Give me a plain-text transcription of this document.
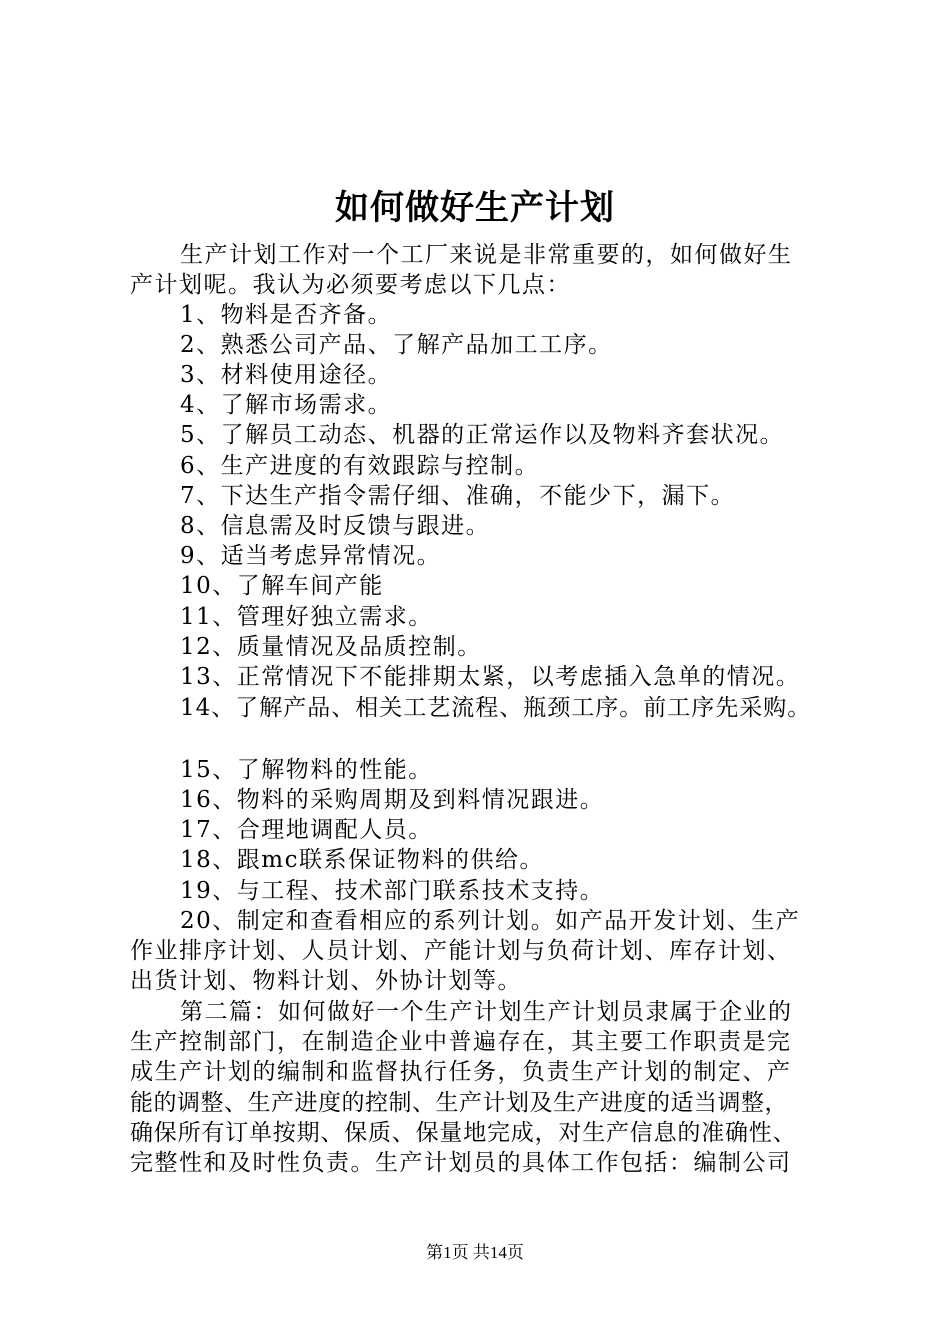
如何做好生产计划
生产计划工作对一个工厂来说是非常重要的，如何做好生
产计划呢。我认为必须要考虑以下几点：
1、物料是否齐备。
2、熟悉公司产品、了解产品加工工序。
3、材料使用途径。
4、了解市场需求。
5、了解员工动态、机器的正常运作以及物料齐套状况。
6、生产进度的有效跟踪与控制。
7、下达生产指令需仔细、准确，不能少下，漏下。
8、信息需及时反馈与跟进。
9、适当考虑异常情况。
10、了解车间产能
11、管理好独立需求。
12、质量情况及品质控制。
13、正常情况下不能排期太紧，以考虑插入急单的情况。
14、了解产品、相关工艺流程、瓶颈工序。前工序先采购。
15、了解物料的性能。
16、物料的采购周期及到料情况跟进。
17、合理地调配人员。
18、跟mc联系保证物料的供给。
19、与工程、技术部门联系技术支持。
20、制定和查看相应的系列计划。如产品开发计划、生产
作业排序计划、人员计划、产能计划与负荷计划、库存计划、
出货计划、物料计划、外协计划等。
第二篇：如何做好一个生产计划生产计划员隶属于企业的
生产控制部门，在制造企业中普遍存在，其主要工作职责是完
成生产计划的编制和监督执行任务，负责生产计划的制定、产
能的调整、生产进度的控制、生产计划及生产进度的适当调整，
确保所有订单按期、保质、保量地完成，对生产信息的准确性、
完整性和及时性负责。生产计划员的具体工作包括：编制公司
第1页 共14页
